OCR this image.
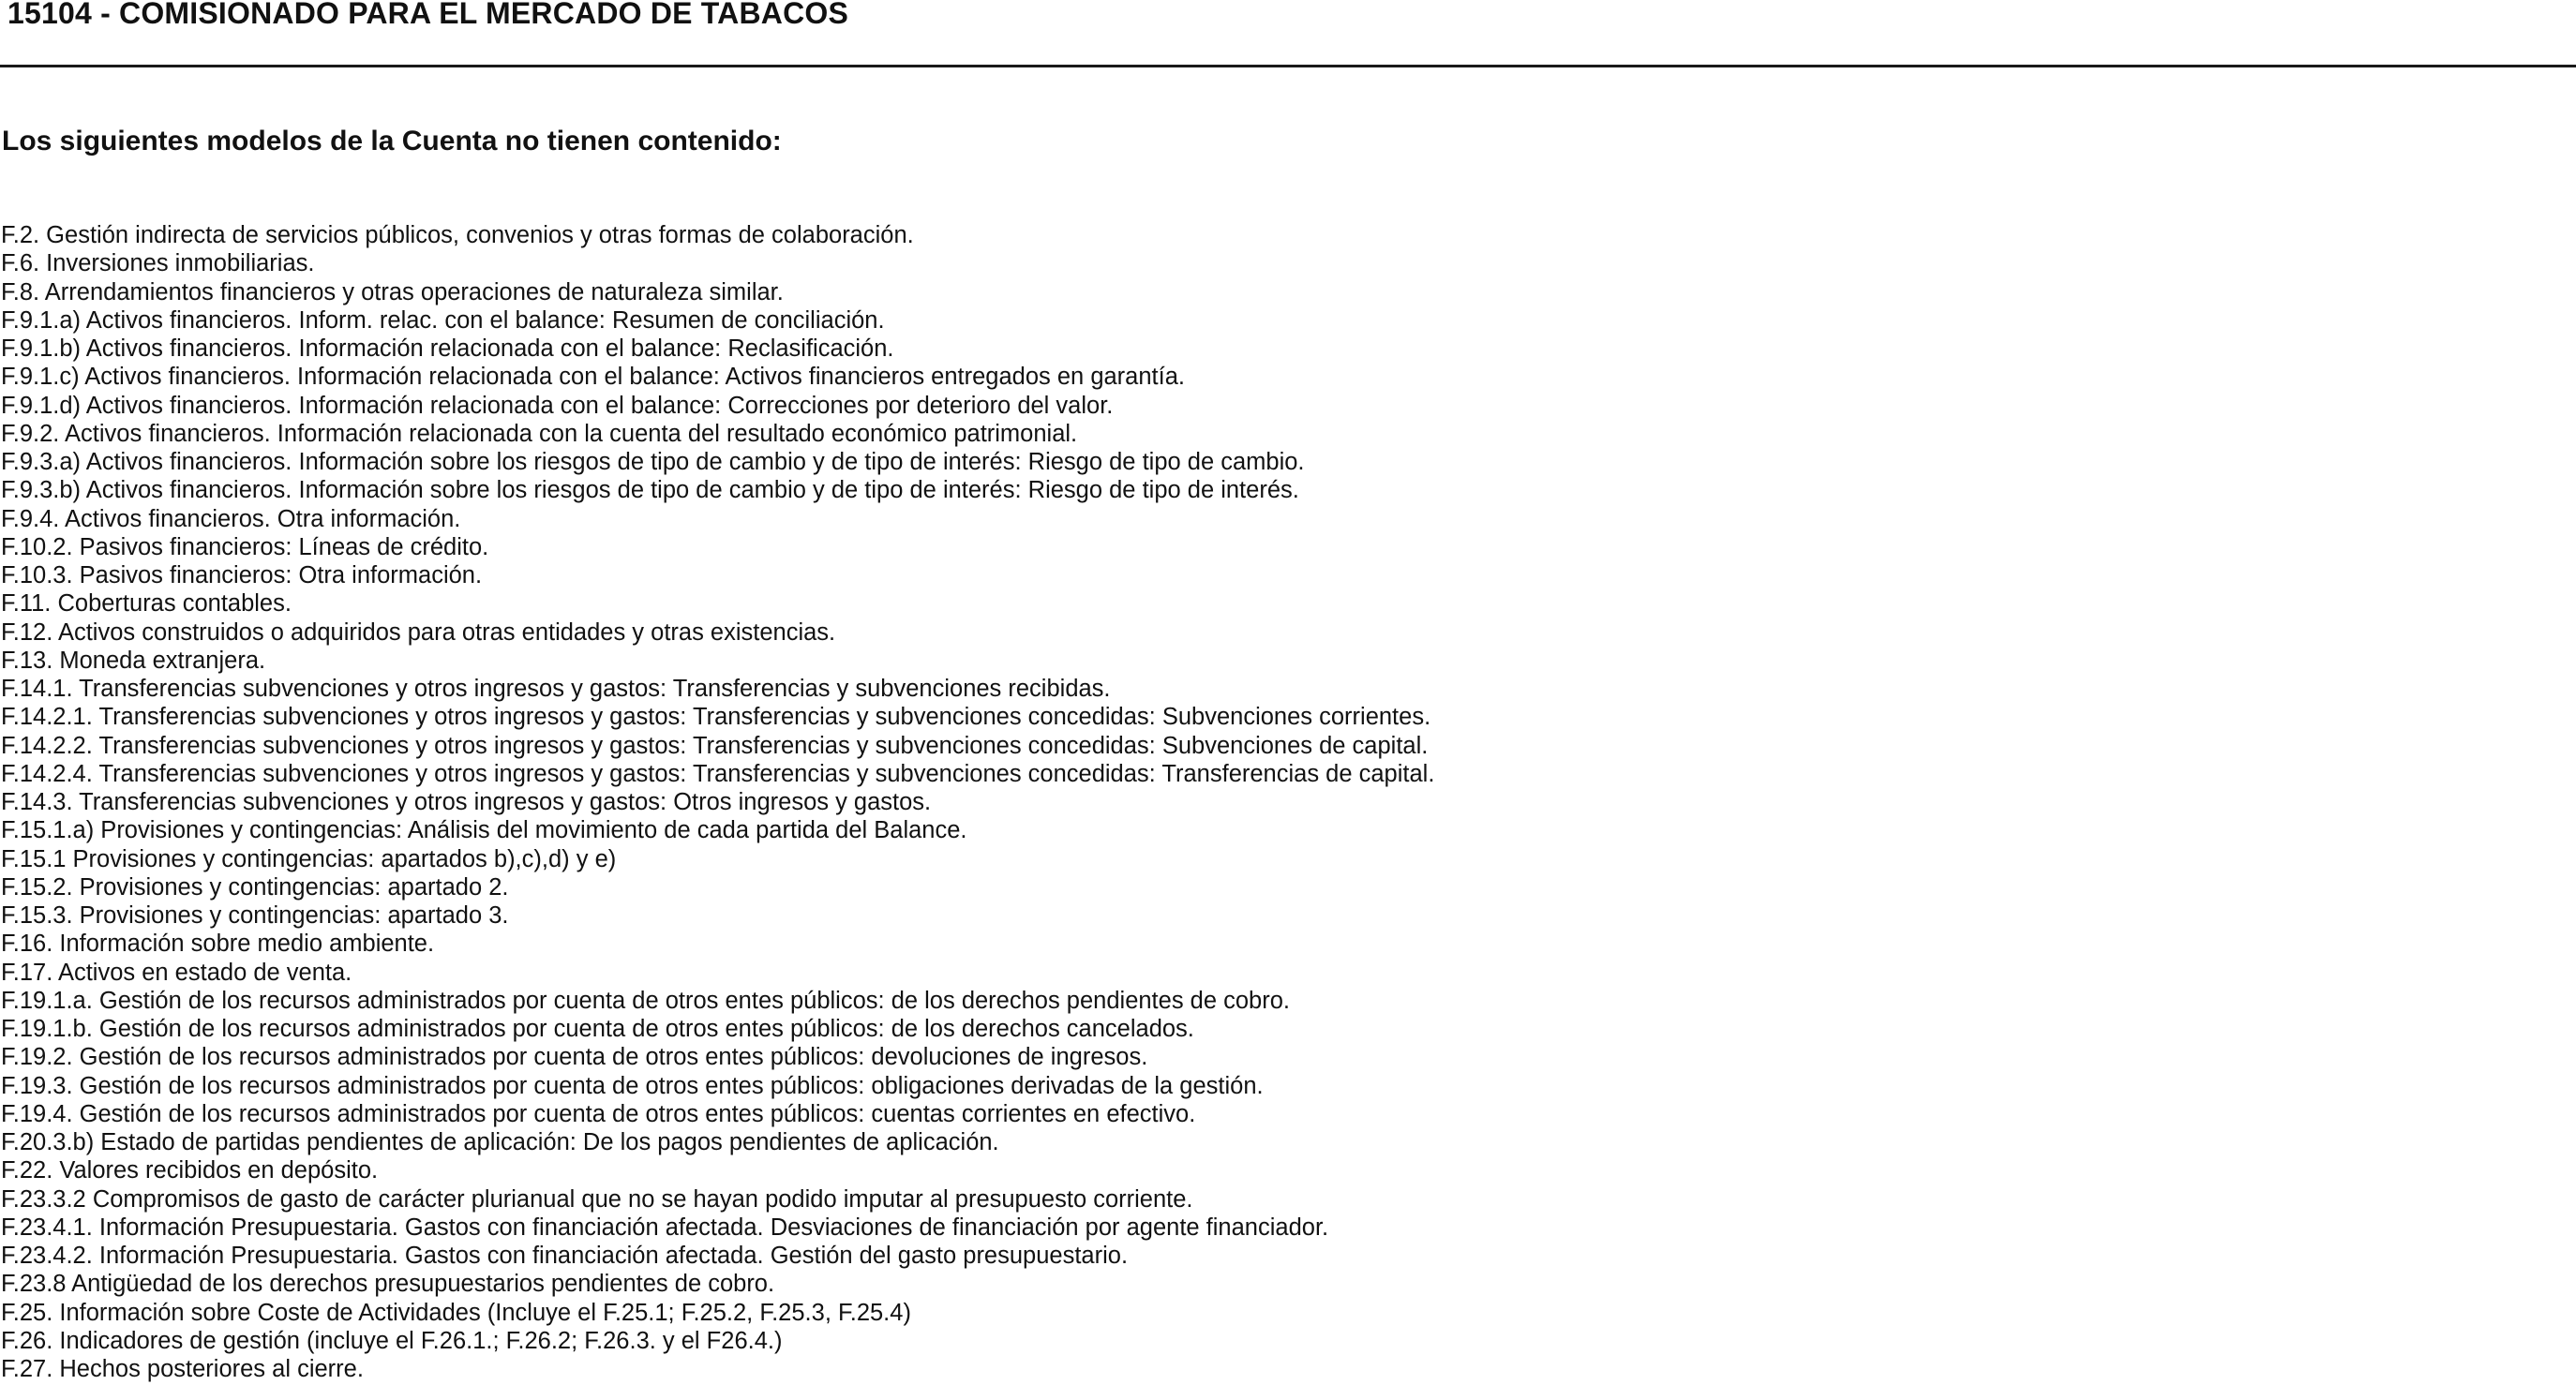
15104 - COMISIONADO PARA EL MERCADO DE TABACOS
Los siguientes modelos de la Cuenta no tienen contenido:
F.2. Gestión indirecta de servicios públicos, convenios y otras formas de colaboración.
F.6. Inversiones inmobiliarias.
F.8. Arrendamientos financieros y otras operaciones de naturaleza similar.
F.9.1.a) Activos financieros. Inform. relac. con el balance: Resumen de conciliación.
F.9.1.b) Activos financieros. Información relacionada con el balance: Reclasificación.
F.9.1.c) Activos financieros. Información relacionada con el balance: Activos financieros entregados en garantía.
F.9.1.d) Activos financieros. Información relacionada con el balance: Correcciones por deterioro del valor.
F.9.2. Activos financieros. Información relacionada con la cuenta del resultado económico patrimonial.
F.9.3.a) Activos financieros. Información sobre los riesgos de tipo de cambio y de tipo de interés: Riesgo de tipo de cambio.
F.9.3.b) Activos financieros. Información sobre los riesgos de tipo de cambio y de tipo de interés: Riesgo de tipo de interés.
F.9.4. Activos financieros. Otra información.
F.10.2. Pasivos financieros: Líneas de crédito.
F.10.3. Pasivos financieros: Otra información.
F.11. Coberturas contables.
F.12. Activos construidos o adquiridos para otras entidades y otras existencias.
F.13. Moneda extranjera.
F.14.1. Transferencias subvenciones y otros ingresos y gastos: Transferencias y subvenciones recibidas.
F.14.2.1. Transferencias subvenciones y otros ingresos y gastos: Transferencias y subvenciones concedidas: Subvenciones corrientes.
F.14.2.2. Transferencias subvenciones y otros ingresos y gastos: Transferencias y subvenciones concedidas: Subvenciones de capital.
F.14.2.4. Transferencias subvenciones y otros ingresos y gastos: Transferencias y subvenciones concedidas: Transferencias de capital.
F.14.3. Transferencias subvenciones y otros ingresos y gastos: Otros ingresos y gastos.
F.15.1.a) Provisiones y contingencias: Análisis del movimiento de cada partida del Balance.
F.15.1 Provisiones y contingencias: apartados b),c),d) y e)
F.15.2. Provisiones y contingencias: apartado 2.
F.15.3. Provisiones y contingencias: apartado 3.
F.16. Información sobre medio ambiente.
F.17. Activos en estado de venta.
F.19.1.a. Gestión de los recursos administrados por cuenta de otros entes públicos: de los derechos pendientes de cobro.
F.19.1.b. Gestión de los recursos administrados por cuenta de otros entes públicos: de los derechos cancelados.
F.19.2. Gestión de los recursos administrados por cuenta de otros entes públicos: devoluciones de ingresos.
F.19.3. Gestión de los recursos administrados por cuenta de otros entes públicos: obligaciones derivadas de la gestión.
F.19.4. Gestión de los recursos administrados por cuenta de otros entes públicos: cuentas corrientes en efectivo.
F.20.3.b) Estado de partidas pendientes de aplicación: De los pagos pendientes de aplicación.
F.22. Valores recibidos en depósito.
F.23.3.2 Compromisos de gasto de carácter plurianual que no se hayan podido imputar al presupuesto corriente.
F.23.4.1. Información Presupuestaria. Gastos con financiación afectada. Desviaciones de financiación por agente financiador.
F.23.4.2. Información Presupuestaria. Gastos con financiación afectada. Gestión del gasto presupuestario.
F.23.8 Antigüedad de los derechos presupuestarios pendientes de cobro.
F.25. Información sobre Coste de Actividades (Incluye el F.25.1; F.25.2, F.25.3, F.25.4)
F.26. Indicadores de gestión (incluye el F.26.1.; F.26.2; F.26.3. y el F26.4.)
F.27. Hechos posteriores al cierre.
